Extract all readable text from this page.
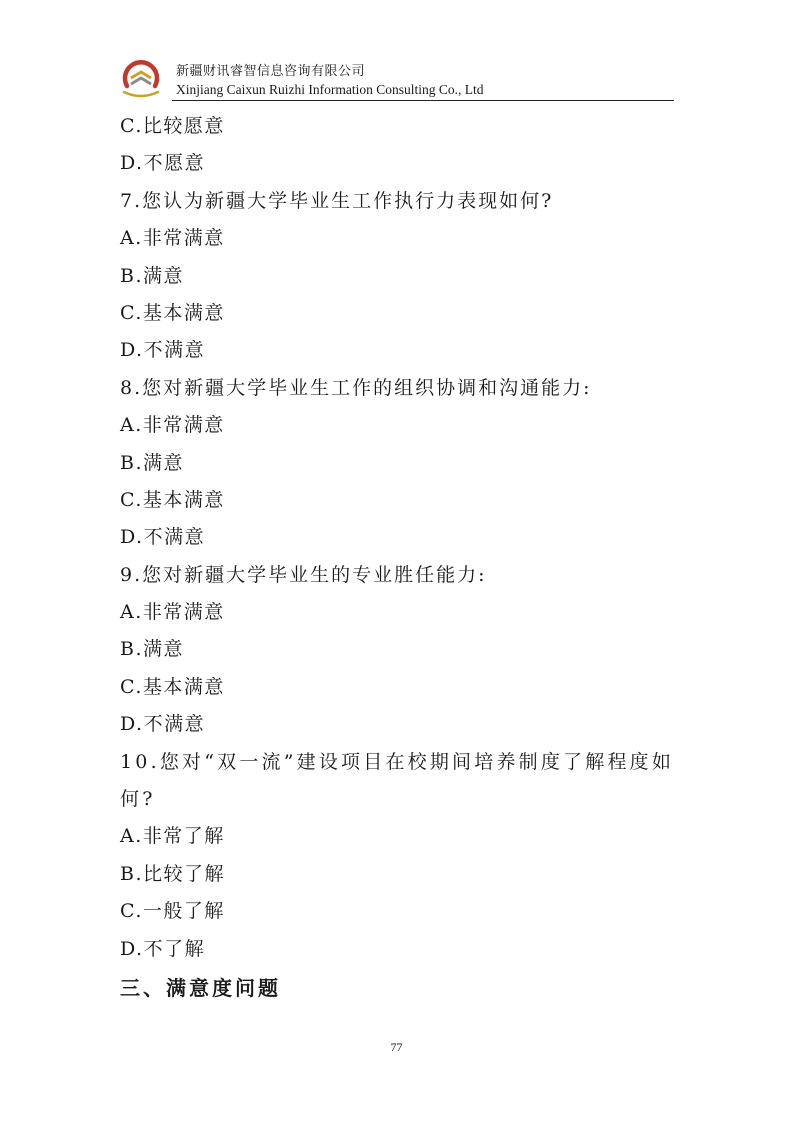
新疆财讯睿智信息咨询有限公司
Xinjiang Caixun Ruizhi Information Consulting Co., Ltd
C.比较愿意
D.不愿意
7.您认为新疆大学毕业生工作执行力表现如何?
A.非常满意
B.满意
C.基本满意
D.不满意
8.您对新疆大学毕业生工作的组织协调和沟通能力:
A.非常满意
B.满意
C.基本满意
D.不满意
9.您对新疆大学毕业生的专业胜任能力:
A.非常满意
B.满意
C.基本满意
D.不满意
10.您对“双一流”建设项目在校期间培养制度了解程度如何?
A.非常了解
B.比较了解
C.一般了解
D.不了解
三、满意度问题
77
